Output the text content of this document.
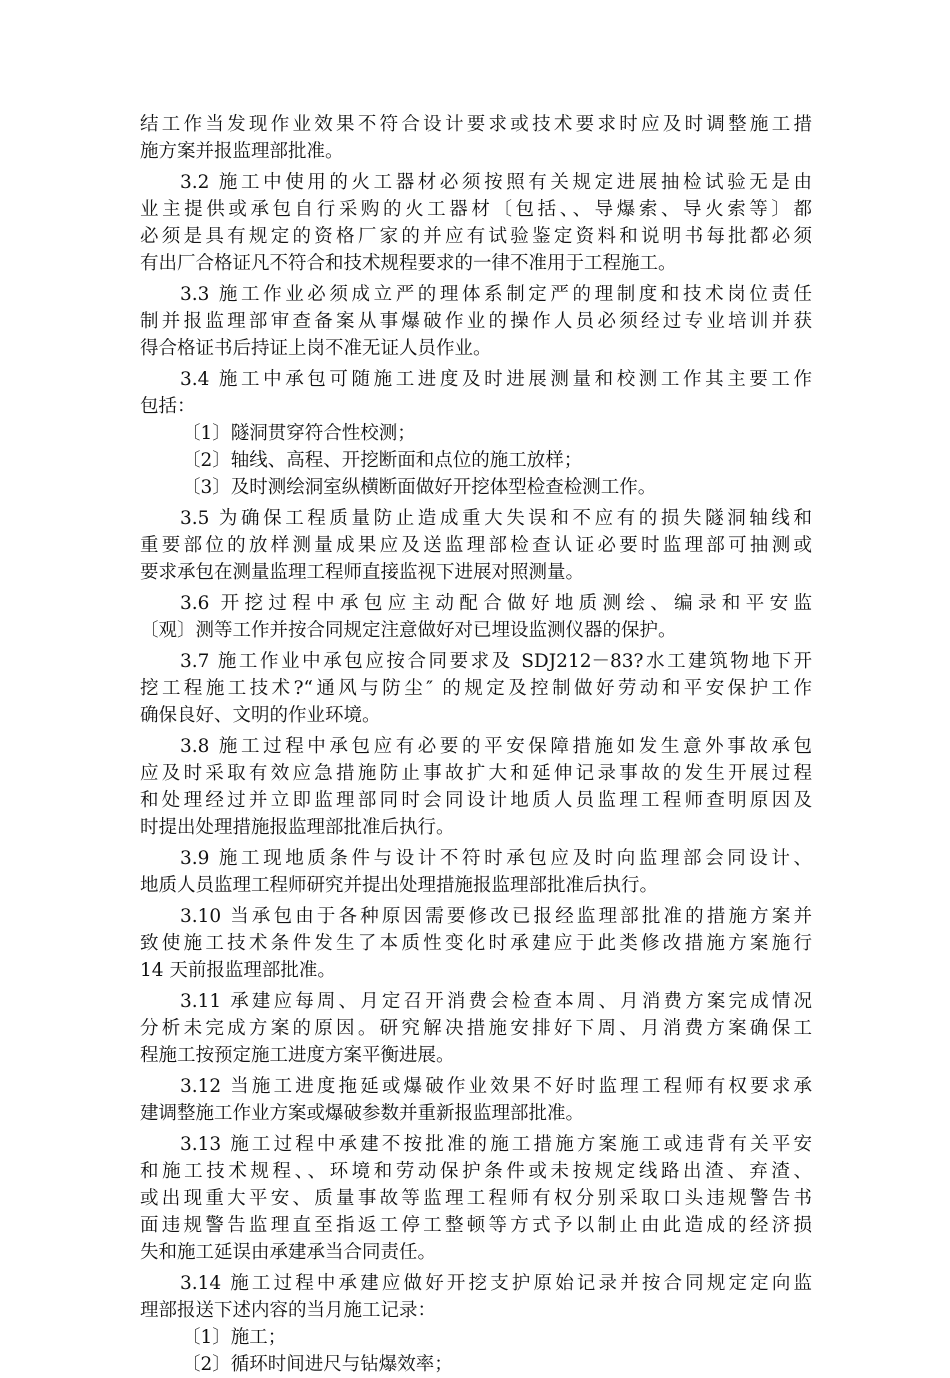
结工作当发现作业效果不符合设计要求或技术要求时应及时调整施工措
施方案并报监理部批准。
3.2 施工中使用的火工器材必须按照有关规定进展抽检试验无是由
业主提供或承包自行采购的火工器材〔包括、、导爆索、导火索等〕都
必须是具有规定的资格厂家的并应有试验鉴定资料和说明书每批都必须
有出厂合格证凡不符合和技术规程要求的一律不准用于工程施工。
3.3 施工作业必须成立严的理体系制定严的理制度和技术岗位责任
制并报监理部审查备案从事爆破作业的操作人员必须经过专业培训并获
得合格证书后持证上岗不准无证人员作业。
3.4 施工中承包可随施工进度及时进展测量和校测工作其主要工作
包括：
〔1〕隧洞贯穿符合性校测；
〔2〕轴线、高程、开挖断面和点位的施工放样；
〔3〕及时测绘洞室纵横断面做好开挖体型检查检测工作。
3.5 为确保工程质量防止造成重大失误和不应有的损失隧洞轴线和
重要部位的放样测量成果应及送监理部检查认证必要时监理部可抽测或
要求承包在测量监理工程师直接监视下进展对照测量。
3.6 开挖过程中承包应主动配合做好地质测绘、编录和平安监
〔观〕测等工作并按合同规定注意做好对已埋设监测仪器的保护。
3.7 施工作业中承包应按合同要求及 SDJ212－83?水工建筑物地下开
挖工程施工技术?“通风与防尘″ 的规定及控制做好劳动和平安保护工作
确保良好、文明的作业环境。
3.8 施工过程中承包应有必要的平安保障措施如发生意外事故承包
应及时采取有效应急措施防止事故扩大和延伸记录事故的发生开展过程
和处理经过并立即监理部同时会同设计地质人员监理工程师查明原因及
时提出处理措施报监理部批准后执行。
3.9 施工现地质条件与设计不符时承包应及时向监理部会同设计、
地质人员监理工程师研究并提出处理措施报监理部批准后执行。
3.10 当承包由于各种原因需要修改已报经监理部批准的措施方案并
致使施工技术条件发生了本质性变化时承建应于此类修改措施方案施行
14 天前报监理部批准。
3.11 承建应每周、月定召开消费会检查本周、月消费方案完成情况
分析未完成方案的原因。研究解决措施安排好下周、月消费方案确保工
程施工按预定施工进度方案平衡进展。
3.12 当施工进度拖延或爆破作业效果不好时监理工程师有权要求承
建调整施工作业方案或爆破参数并重新报监理部批准。
3.13 施工过程中承建不按批准的施工措施方案施工或违背有关平安
和施工技术规程、、环境和劳动保护条件或未按规定线路出渣、弃渣、
或出现重大平安、质量事故等监理工程师有权分别采取口头违规警告书
面违规警告监理直至指返工停工整顿等方式予以制止由此造成的经济损
失和施工延误由承建承当合同责任。
3.14 施工过程中承建应做好开挖支护原始记录并按合同规定定向监
理部报送下述内容的当月施工记录：
〔1〕施工；
〔2〕循环时间进尺与钻爆效率；
